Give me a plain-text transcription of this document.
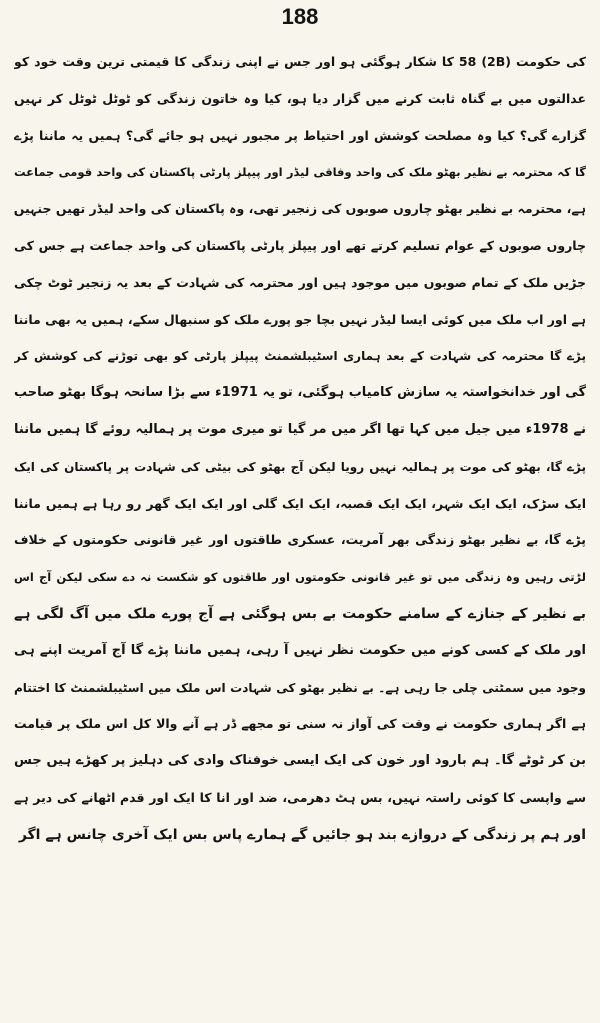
188
کی حکومت (2B) 58 کا شکار ہوگئی ہو اور جس نے اپنی زندگی کا قیمتی ترین وقت خود کو
عدالتوں میں بے گناہ ثابت کرنے میں گزار دیا ہو، کیا وہ خاتون زندگی کو ٹوٹل ٹوٹل کر نہیں
گزارے گی؟ کیا وہ مصلحت کوشش اور احتیاط پر مجبور نہیں ہو جائے گی؟ ہمیں یہ ماننا پڑے
گا کہ محترمہ بے نظیر بھٹو ملک کی واحد وفاقی لیڈر اور پیپلز پارٹی پاکستان کی واحد قومی جماعت
ہے، محترمہ بے نظیر بھٹو چاروں صوبوں کی زنجیر تھی، وہ پاکستان کی واحد لیڈر تھیں جنہیں
چاروں صوبوں کے عوام تسلیم کرتے تھے اور پیپلز پارٹی پاکستان کی واحد جماعت ہے جس کی
جڑیں ملک کے تمام صوبوں میں موجود ہیں اور محترمہ کی شہادت کے بعد یہ زنجیر ٹوٹ چکی
ہے اور اب ملک میں کوئی ایسا لیڈر نہیں بچا جو پورے ملک کو سنبھال سکے، ہمیں یہ بھی ماننا
پڑے گا محترمہ کی شہادت کے بعد ہماری اسٹیبلشمنٹ پیپلز پارٹی کو بھی توڑنے کی کوشش کر
گی اور خدانخواستہ یہ سازش کامیاب ہوگئی، تو یہ 1971ء سے بڑا سانحہ ہوگا بھٹو صاحب
نے 1978ء میں جیل میں کہا تھا اگر میں مر گیا تو میری موت پر ہمالیہ روئے گا ہمیں ماننا
پڑے گا، بھٹو کی موت پر ہمالیہ نہیں رویا لیکن آج بھٹو کی بیٹی کی شہادت پر پاکستان کی ایک
ایک سڑک، ایک ایک شہر، ایک ایک قصبہ، ایک ایک گلی اور ایک ایک گھر رو رہا ہے ہمیں ماننا
پڑے گا، بے نظیر بھٹو زندگی بھر آمریت، عسکری طاقتوں اور غیر قانونی حکومتوں کے خلاف
لڑتی رہیں وہ زندگی میں تو غیر قانونی حکومتوں اور طاقتوں کو شکست نہ دے سکی لیکن آج اس
بے نظیر کے جنازے کے سامنے حکومت بے بس ہوگئی ہے آج پورے ملک میں آگ لگی ہے
اور ملک کے کسی کونے میں حکومت نظر نہیں آ رہی، ہمیں ماننا پڑے گا آج آمریت اپنے ہی
وجود میں سمٹتی چلی جا رہی ہے۔ بے نظیر بھٹو کی شہادت اس ملک میں اسٹیبلشمنٹ کا اختتام
ہے اگر ہماری حکومت نے وقت کی آواز نہ سنی تو مجھے ڈر ہے آنے والا کل اس ملک پر قیامت
بن کر ٹوٹے گا۔ ہم بارود اور خون کی ایک ایسی خوفناک وادی کی دہلیز پر کھڑے ہیں جس
سے واپسی کا کوئی راستہ نہیں، بس ہٹ دھرمی، ضد اور انا کا ایک اور قدم اٹھانے کی دیر ہے
اور ہم پر زندگی کے دروازے بند ہو جائیں گے ہمارے پاس بس ایک آخری چانس ہے اگر
